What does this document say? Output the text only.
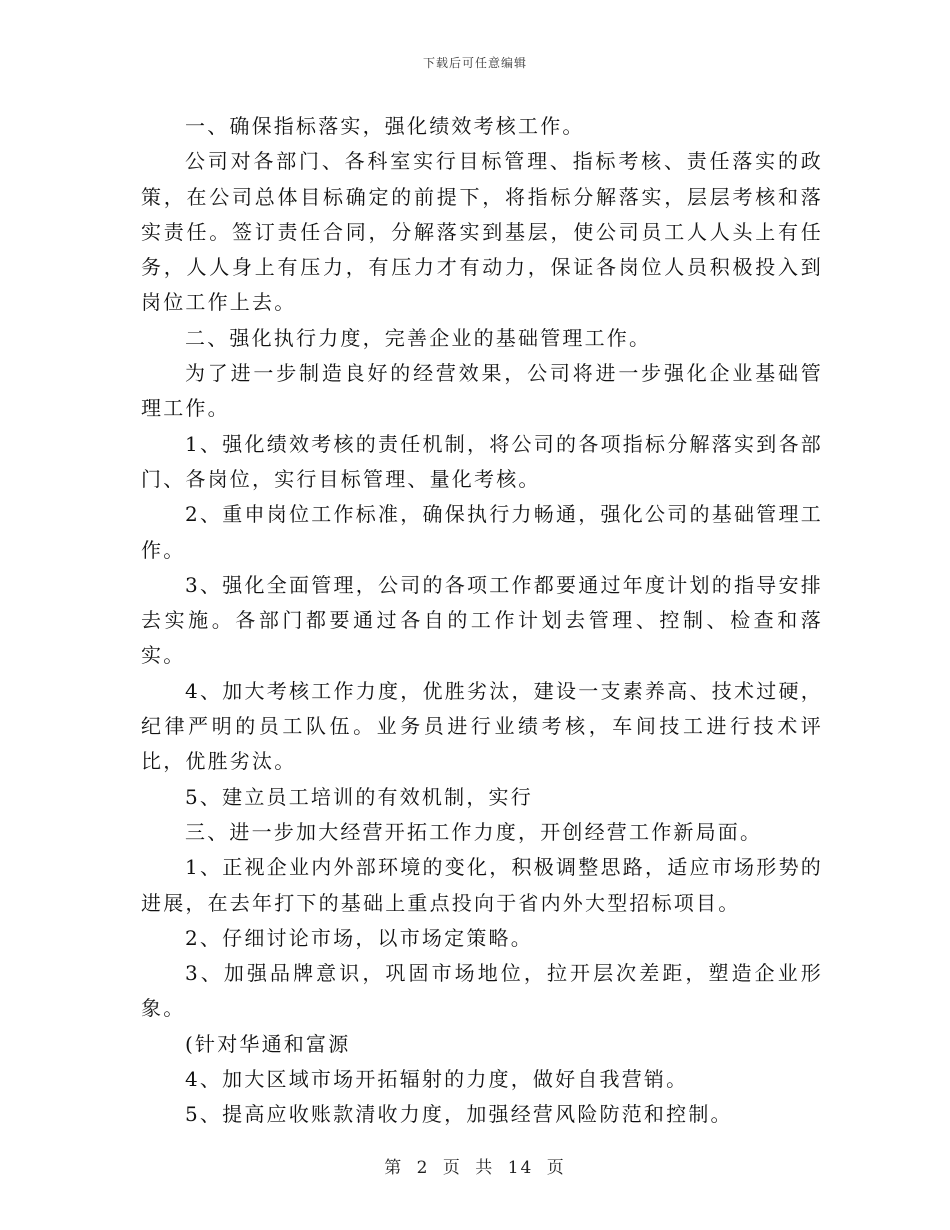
下载后可任意编辑

一、确保指标落实，强化绩效考核工作。

公司对各部门、各科室实行目标管理、指标考核、责任落实的政策，在公司总体目标确定的前提下，将指标分解落实，层层考核和落实责任。签订责任合同，分解落实到基层，使公司员工人人头上有任务，人人身上有压力，有压力才有动力，保证各岗位人员积极投入到岗位工作上去。

二、强化执行力度，完善企业的基础管理工作。

为了进一步制造良好的经营效果，公司将进一步强化企业基础管理工作。

1、强化绩效考核的责任机制，将公司的各项指标分解落实到各部门、各岗位，实行目标管理、量化考核。

2、重申岗位工作标准，确保执行力畅通，强化公司的基础管理工作。

3、强化全面管理，公司的各项工作都要通过年度计划的指导安排去实施。各部门都要通过各自的工作计划去管理、控制、检查和落实。

4、加大考核工作力度，优胜劣汰，建设一支素养高、技术过硬，纪律严明的员工队伍。业务员进行业绩考核，车间技工进行技术评比，优胜劣汰。

5、建立员工培训的有效机制，实行

三、进一步加大经营开拓工作力度，开创经营工作新局面。

1、正视企业内外部环境的变化，积极调整思路，适应市场形势的进展，在去年打下的基础上重点投向于省内外大型招标项目。

2、仔细讨论市场，以市场定策略。

3、加强品牌意识，巩固市场地位，拉开层次差距，塑造企业形象。

(针对华通和富源

4、加大区域市场开拓辐射的力度，做好自我营销。

5、提高应收账款清收力度，加强经营风险防范和控制。

第 2 页 共 14 页
